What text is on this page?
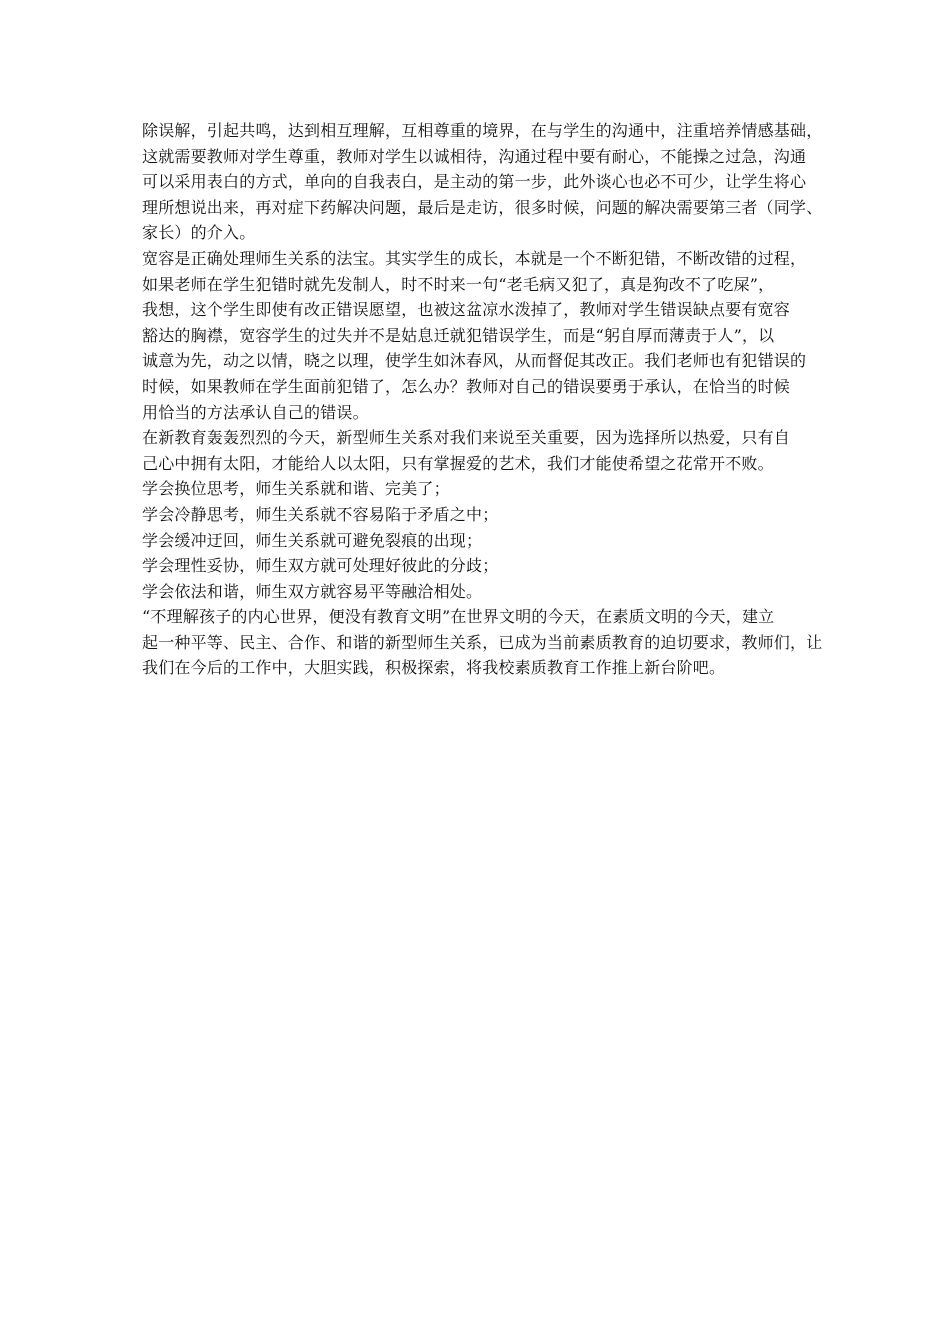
除误解，引起共鸣，达到相互理解，互相尊重的境界，在与学生的沟通中，注重培养情感基础，
这就需要教师对学生尊重，教师对学生以诚相待，沟通过程中要有耐心，不能操之过急，沟通
可以采用表白的方式，单向的自我表白，是主动的第一步，此外谈心也必不可少，让学生将心
理所想说出来，再对症下药解决问题，最后是走访，很多时候，问题的解决需要第三者（同学、
家长）的介入。

宽容是正确处理师生关系的法宝。其实学生的成长，本就是一个不断犯错，不断改错的过程，
如果老师在学生犯错时就先发制人，时不时来一句“老毛病又犯了，真是狗改不了吃屎”，
我想，这个学生即使有改正错误愿望，也被这盆凉水泼掉了，教师对学生错误缺点要有宽容
豁达的胸襟，宽容学生的过失并不是姑息迁就犯错误学生，而是“躬自厚而薄责于人”，以
诚意为先，动之以情，晓之以理，使学生如沐春风，从而督促其改正。我们老师也有犯错误的
时候，如果教师在学生面前犯错了，怎么办？教师对自己的错误要勇于承认，在恰当的时候
用恰当的方法承认自己的错误。

在新教育轰轰烈烈的今天，新型师生关系对我们来说至关重要，因为选择所以热爱，只有自
己心中拥有太阳，才能给人以太阳，只有掌握爱的艺术，我们才能使希望之花常开不败。

学会换位思考，师生关系就和谐、完美了；

学会冷静思考，师生关系就不容易陷于矛盾之中；

学会缓冲迂回，师生关系就可避免裂痕的出现；

学会理性妥协，师生双方就可处理好彼此的分歧；

学会依法和谐，师生双方就容易平等融洽相处。

“不理解孩子的内心世界，便没有教育文明”在世界文明的今天，在素质文明的今天，建立
起一种平等、民主、合作、和谐的新型师生关系，已成为当前素质教育的迫切要求，教师们，让
我们在今后的工作中，大胆实践，积极探索，将我校素质教育工作推上新台阶吧。
